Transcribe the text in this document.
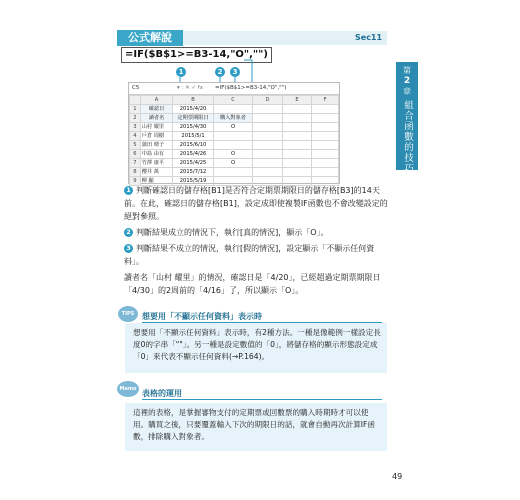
公式解說	Sec11
第
2
章
組合函數的技巧
=IF($B$1>=B3-14,"O","")
1	2	3
C5	▾ : ✕ ✓ fx =IF($B$1>=B3-14,"O","")
	A	B	C	D	E	F
1	確認日	2015/4/20				
2	讀者名	定期票期限日	購入對象者			
3	山村 耀里	2015/4/30	O			
4	戶倉 周樹	2015/5/1				
5	蒲田 晴子	2015/6/10				
6	中島 由有	2015/4/26	O			
7	竹澤 康平	2015/4/25	O			
8	櫻井 萬	2015/7/12				
9	柳 顯	2015/5/19				

1 判斷確認日的儲存格[B1]是否符合定期票期限日的儲存格[B3]的14天前。在此，確認日的儲存格[B1]，設定成即使複製IF函數也不會改變設定的絕對參照。

2 判斷結果成立的情況下，執行[真的情況]，顯示「O」。

3 判斷結果不成立的情況，執行[假的情況]，設定顯示「不顯示任何資料」。

讀者名「山村 耀里」的情況，確認日是「4/20」，已經超過定期票期限日「4/30」的2周前的「4/16」了，所以顯示「O」。

TIPS 想要用「不顯示任何資料」表示時
想要用「不顯示任何資料」表示時，有2種方法。一種是像範例一樣設定長度0的字串「""」。另一種是設定數值的「0」，將儲存格的顯示形態設定成「0」來代表不顯示任何資料(→P.164)。
Memo 表格的運用
這裡的表格，是掌握審物支付的定期票或回數票的購入時期時才可以使用。購買之後，只要覆蓋輸入下次的期限日的話，就會自動再次計算IF函數，排除購入對象者。
49
